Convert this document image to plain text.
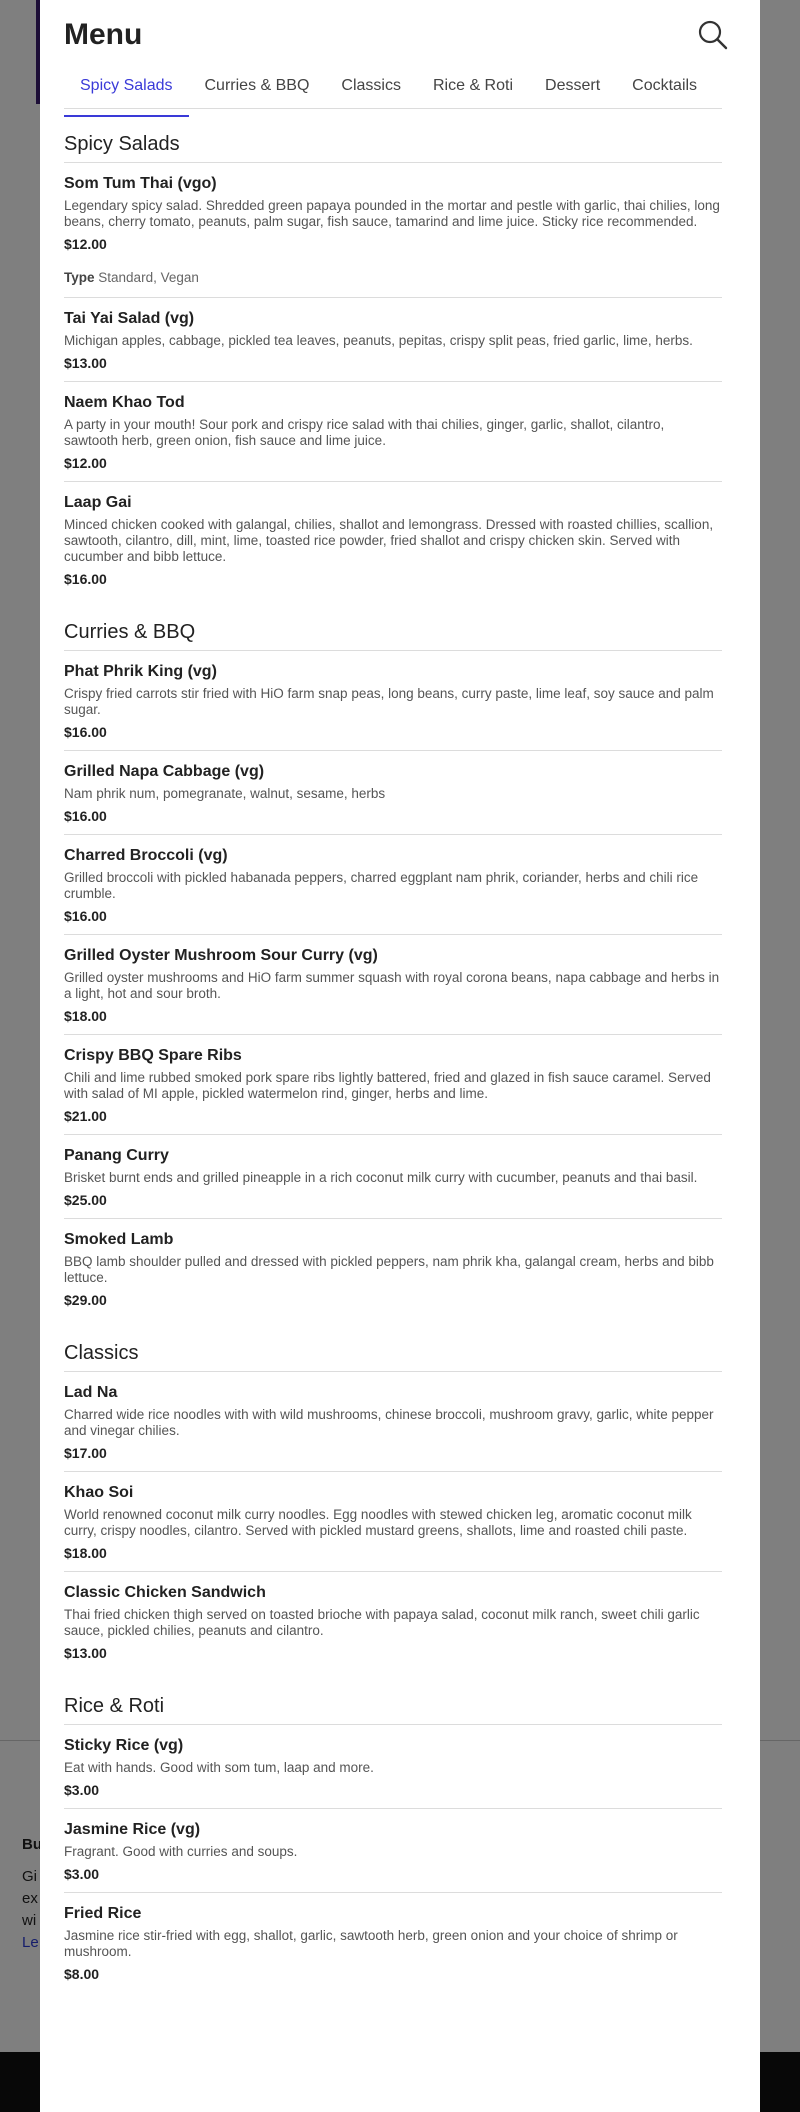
Menu
Spicy Salads	Curries & BBQ Classics Rice & Roti Dessert Cocktails
Spicy Salads
Som Tum Thai (vgo)
Legendary spicy salad. Shredded green papaya pounded in the mortar and pestle with garlic, thai chilies, long beans, cherry tomato, peanuts, palm sugar, fish sauce, tamarind and lime juice. Sticky rice recommended.
$12.00
Type Standard, Vegan
Tai Yai Salad (vg)
Michigan apples, cabbage, pickled tea leaves, peanuts, pepitas, crispy split peas, fried garlic, lime, herbs.
$13.00
Naem Khao Tod
A party in your mouth! Sour pork and crispy rice salad with thai chilies, ginger, garlic, shallot, cilantro, sawtooth herb, green onion, fish sauce and lime juice.
$12.00
Laap Gai
Minced chicken cooked with galangal, chilies, shallot and lemongrass. Dressed with roasted chillies, scallion, sawtooth, cilantro, dill, mint, lime, toasted rice powder, fried shallot and crispy chicken skin. Served with cucumber and bibb lettuce.
$16.00
Curries & BBQ
Phat Phrik King (vg)
Crispy fried carrots stir fried with HiO farm snap peas, long beans, curry paste, lime leaf, soy sauce and palm sugar.
$16.00
Grilled Napa Cabbage (vg)
Nam phrik num, pomegranate, walnut, sesame, herbs
$16.00
Charred Broccoli (vg)
Grilled broccoli with pickled habanada peppers, charred eggplant nam phrik, coriander, herbs and chili rice crumble.
$16.00
Grilled Oyster Mushroom Sour Curry (vg)
Grilled oyster mushrooms and HiO farm summer squash with royal corona beans, napa cabbage and herbs in a light, hot and sour broth.
$18.00
Crispy BBQ Spare Ribs
Chili and lime rubbed smoked pork spare ribs lightly battered, fried and glazed in fish sauce caramel. Served with salad of MI apple, pickled watermelon rind, ginger, herbs and lime.
$21.00
Panang Curry
Brisket burnt ends and grilled pineapple in a rich coconut milk curry with cucumber, peanuts and thai basil.
$25.00
Smoked Lamb
BBQ lamb shoulder pulled and dressed with pickled peppers, nam phrik kha, galangal cream, herbs and bibb lettuce.
$29.00
Classics
Lad Na
Charred wide rice noodles with with wild mushrooms, chinese broccoli, mushroom gravy, garlic, white pepper and vinegar chilies.
$17.00
Khao Soi
World renowned coconut milk curry noodles. Egg noodles with stewed chicken leg, aromatic coconut milk curry, crispy noodles, cilantro. Served with pickled mustard greens, shallots, lime and roasted chili paste.
$18.00
Classic Chicken Sandwich
Thai fried chicken thigh served on toasted brioche with papaya salad, coconut milk ranch, sweet chili garlic sauce, pickled chilies, peanuts and cilantro.
$13.00
Rice & Roti
Sticky Rice (vg)
Eat with hands. Good with som tum, laap and more.
$3.00
Jasmine Rice (vg)
Fragrant. Good with curries and soups.
$3.00
Fried Rice
Jasmine rice stir-fried with egg, shallot, garlic, sawtooth herb, green onion and your choice of shrimp or mushroom.
$8.00
